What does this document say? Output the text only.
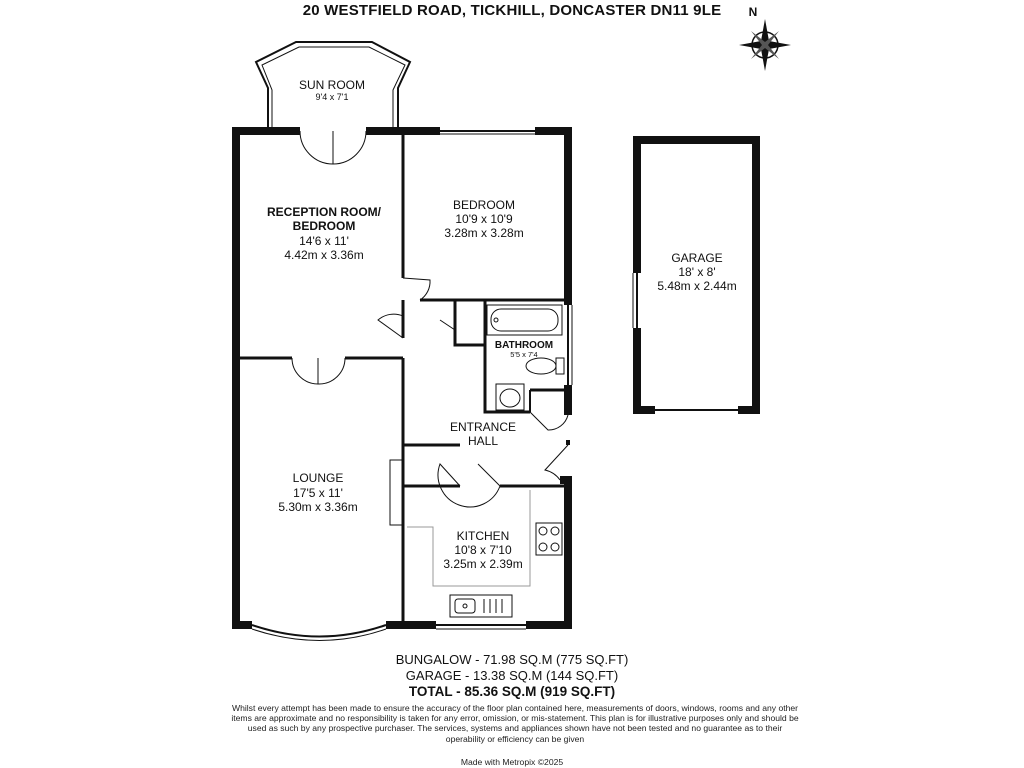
20 WESTFIELD ROAD, TICKHILL, DONCASTER DN11 9LE	N
SUN ROOM
9'4 x 7'1
RECEPTION ROOM/
BEDROOM
14'6 x 11'
4.42m x 3.36m
BEDROOM
10'9 x 10'9
3.28m x 3.28m
BATHROOM
5'5 x 7'4
ENTRANCE
HALL
LOUNGE
17'5 x 11'
5.30m x 3.36m
KITCHEN
10'8 x 7'10
3.25m x 2.39m
GARAGE
18' x 8'
5.48m x 2.44m
BUNGALOW - 71.98 SQ.M (775 SQ.FT)
GARAGE - 13.38 SQ.M (144 SQ.FT)
TOTAL - 85.36 SQ.M (919 SQ.FT)
Whilst every attempt has been made to ensure the accuracy of the floor plan contained here, measurements of doors, windows, rooms and any other items are approximate and no responsibility is taken for any error, omission, or mis-statement. This plan is for illustrative purposes only and should be used as such by any prospective purchaser. The services, systems and appliances shown have not been tested and no guarantee as to their operability or efficiency can be given
Made with Metropix ©2025
